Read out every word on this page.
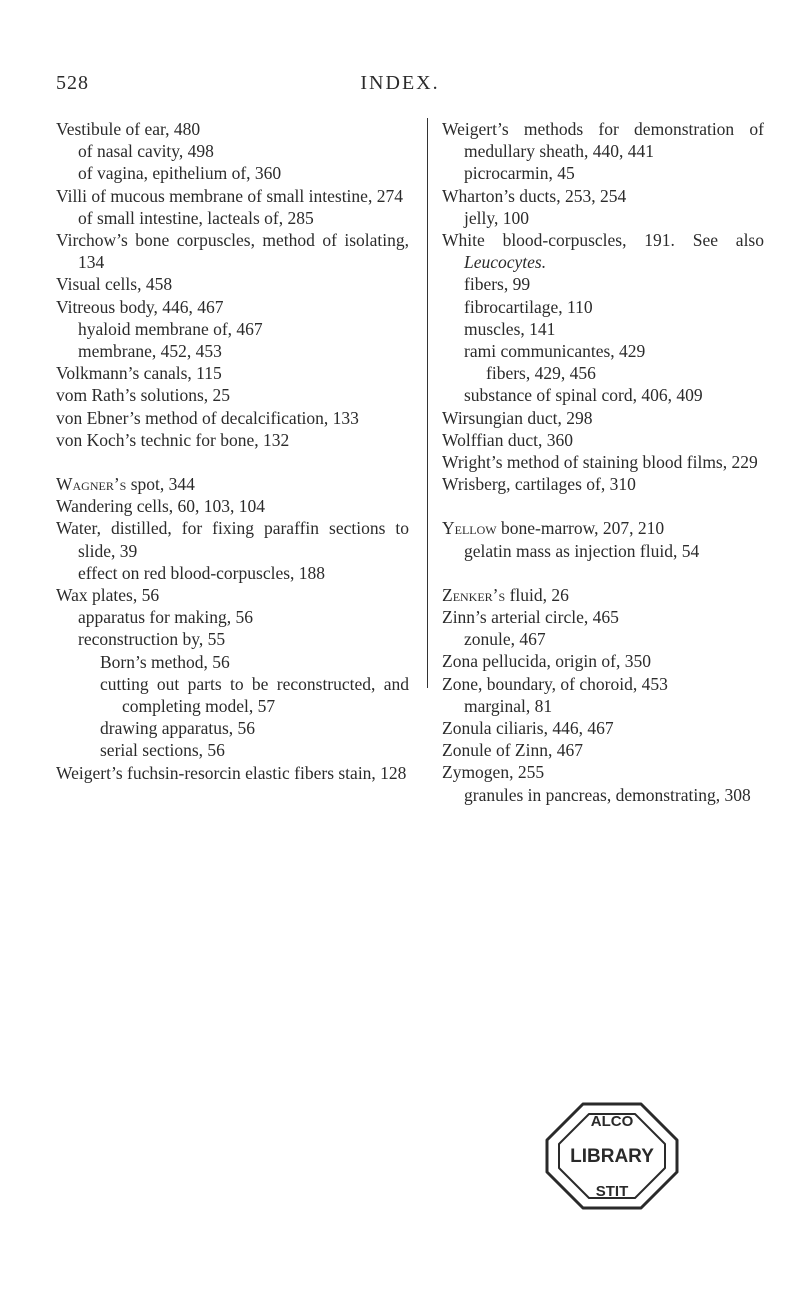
528	INDEX.
Vestibule of ear, 480
of nasal cavity, 498
of vagina, epithelium of, 360
Villi of mucous membrane of small intestine, 274
of small intestine, lacteals of, 285
Virchow’s bone corpuscles, method of isolating, 134
Visual cells, 458
Vitreous body, 446, 467
hyaloid membrane of, 467
membrane, 452, 453
Volkmann’s canals, 115
vom Rath’s solutions, 25
von Ebner’s method of decalcification, 133
von Koch’s technic for bone, 132
Wagner’s spot, 344
Wandering cells, 60, 103, 104
Water, distilled, for fixing paraffin sections to slide, 39
effect on red blood-corpuscles, 188
Wax plates, 56
apparatus for making, 56
reconstruction by, 55
Born’s method, 56
cutting out parts to be reconstructed, and completing model, 57
drawing apparatus, 56
serial sections, 56
Weigert’s fuchsin-resorcin elastic fibers stain, 128
Weigert’s methods for demonstration of medullary sheath, 440, 441
picrocarmin, 45
Wharton’s ducts, 253, 254
jelly, 100
White blood-corpuscles, 191. See also Leucocytes.
fibers, 99
fibrocartilage, 110
muscles, 141
rami communicantes, 429
fibers, 429, 456
substance of spinal cord, 406, 409
Wirsungian duct, 298
Wolffian duct, 360
Wright’s method of staining blood films, 229
Wrisberg, cartilages of, 310
Yellow bone-marrow, 207, 210
gelatin mass as injection fluid, 54
Zenker’s fluid, 26
Zinn’s arterial circle, 465
zonule, 467
Zona pellucida, origin of, 350
Zone, boundary, of choroid, 453
marginal, 81
Zonula ciliaris, 446, 467
Zonule of Zinn, 467
Zymogen, 255
granules in pancreas, demonstrating, 308
ALCO
LIBRARY
STIT
